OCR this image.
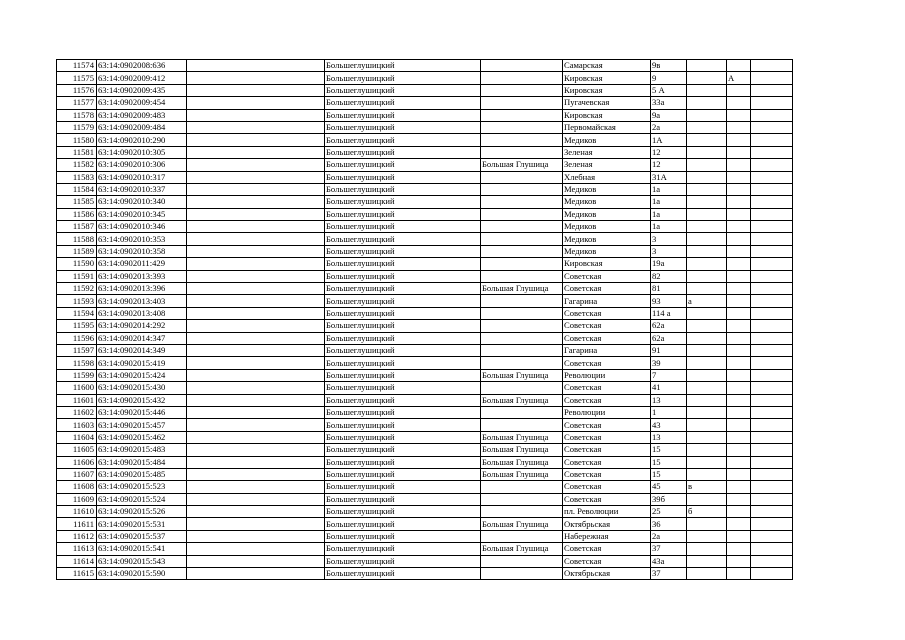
11574	63:14:0902008:636		Большеглушицкий		Самарская	9в			
11575	63:14:0902009:412		Большеглушицкий		Кировская	9		А	
11576	63:14:0902009:435		Большеглушицкий		Кировская	5 А			
11577	63:14:0902009:454		Большеглушицкий		Пугачевская	33а			
11578	63:14:0902009:483		Большеглушицкий		Кировская	9а			
11579	63:14:0902009:484		Большеглушицкий		Первомайская	2а			
11580	63:14:0902010:290		Большеглушицкий		Медиков	1А			
11581	63:14:0902010:305		Большеглушицкий		Зеленая	12			
11582	63:14:0902010:306		Большеглушицкий	Большая Глушица	Зеленая	12			
11583	63:14:0902010:317		Большеглушицкий		Хлебная	31А			
11584	63:14:0902010:337		Большеглушицкий		Медиков	1а			
11585	63:14:0902010:340		Большеглушицкий		Медиков	1а			
11586	63:14:0902010:345		Большеглушицкий		Медиков	1а			
11587	63:14:0902010:346		Большеглушицкий		Медиков	1а			
11588	63:14:0902010:353		Большеглушицкий		Медиков	3			
11589	63:14:0902010:358		Большеглушицкий		Медиков	3			
11590	63:14:0902011:429		Большеглушицкий		Кировская	19а			
11591	63:14:0902013:393		Большеглушицкий		Советская	82			
11592	63:14:0902013:396		Большеглушицкий	Большая Глушица	Советская	81			
11593	63:14:0902013:403		Большеглушицкий		Гагарина	93	а		
11594	63:14:0902013:408		Большеглушицкий		Советская	114 а			
11595	63:14:0902014:292		Большеглушицкий		Советская	62а			
11596	63:14:0902014:347		Большеглушицкий		Советская	62а			
11597	63:14:0902014:349		Большеглушицкий		Гагарина	91			
11598	63:14:0902015:419		Большеглушицкий		Советская	39			
11599	63:14:0902015:424		Большеглушицкий	Большая Глушица	Революции	7			
11600	63:14:0902015:430		Большеглушицкий		Советская	41			
11601	63:14:0902015:432		Большеглушицкий	Большая Глушица	Советская	13			
11602	63:14:0902015:446		Большеглушицкий		Революции	1			
11603	63:14:0902015:457		Большеглушицкий		Советская	43			
11604	63:14:0902015:462		Большеглушицкий	Большая Глушица	Советская	13			
11605	63:14:0902015:483		Большеглушицкий	Большая Глушица	Советская	15			
11606	63:14:0902015:484		Большеглушицкий	Большая Глушица	Советская	15			
11607	63:14:0902015:485		Большеглушицкий	Большая Глушица	Советская	15			
11608	63:14:0902015:523		Большеглушицкий		Советская	45	в		
11609	63:14:0902015:524		Большеглушицкий		Советская	39б			
11610	63:14:0902015:526		Большеглушицкий		пл. Революции	25	б		
11611	63:14:0902015:531		Большеглушицкий	Большая Глушица	Октябрьская	36			
11612	63:14:0902015:537		Большеглушицкий		Набережная	2а			
11613	63:14:0902015:541		Большеглушицкий	Большая Глушица	Советская	37			
11614	63:14:0902015:543		Большеглушицкий		Советская	43а			
11615	63:14:0902015:590		Большеглушицкий		Октябрьская	37			
